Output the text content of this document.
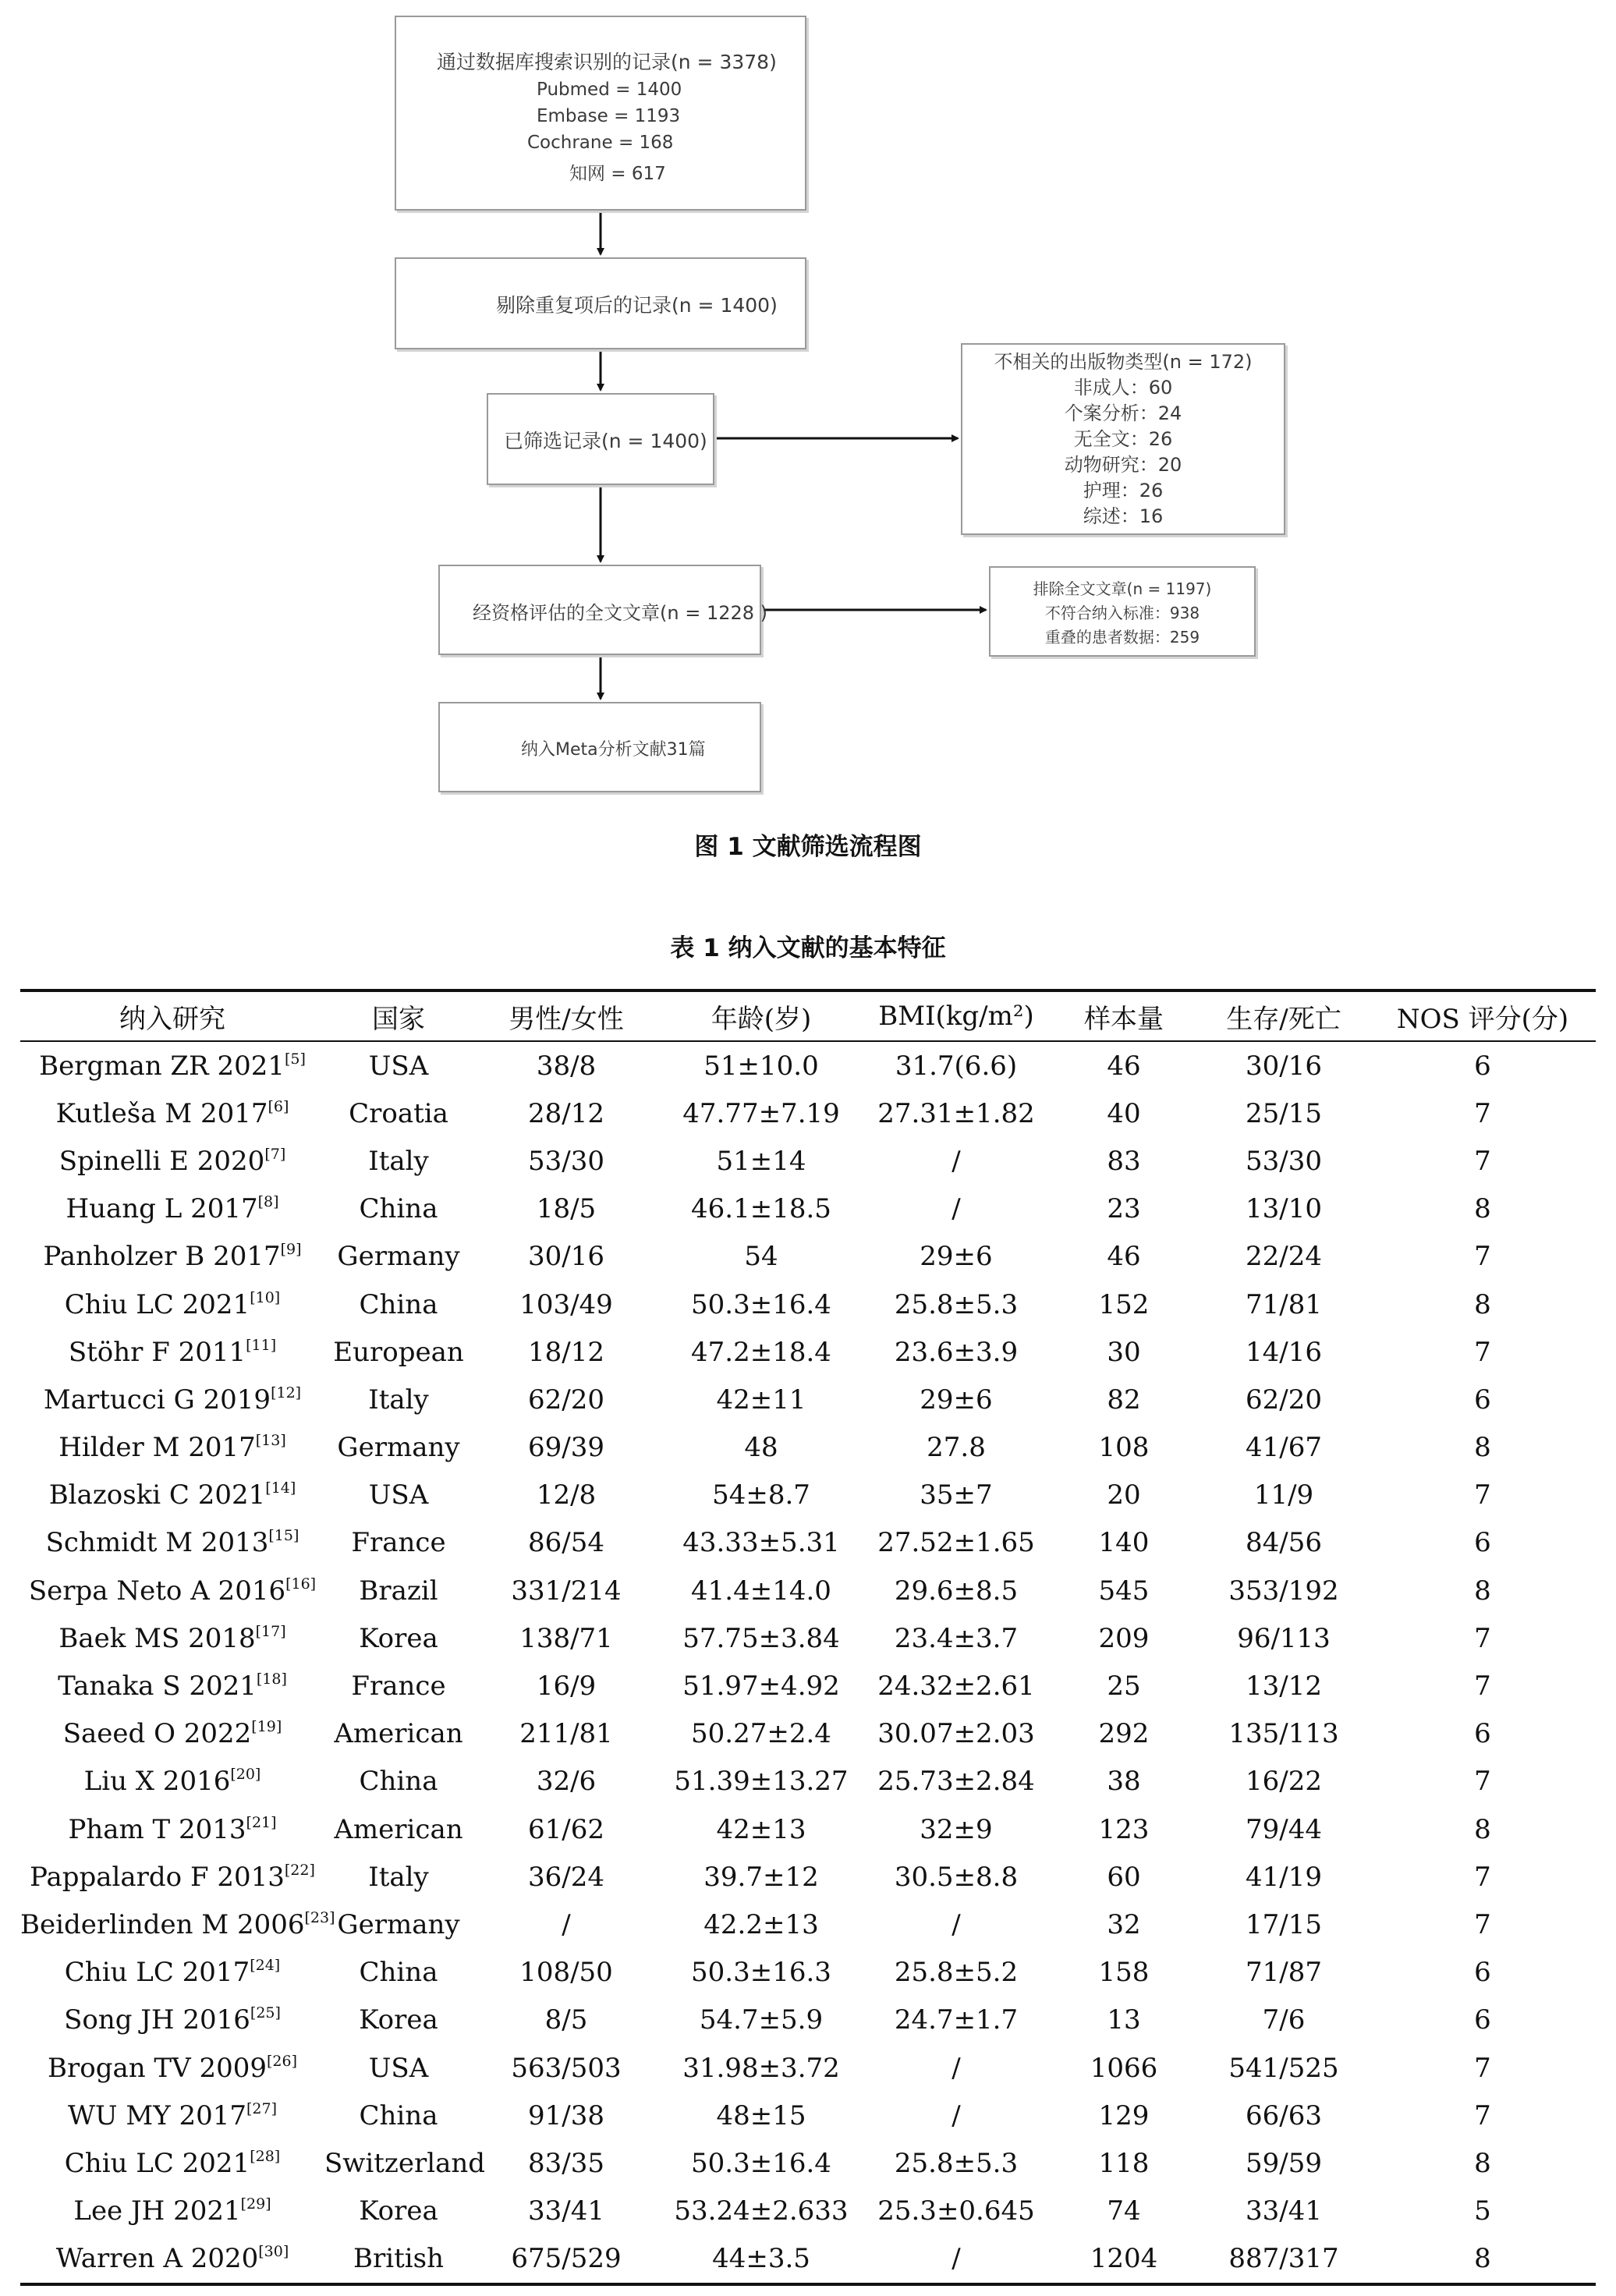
通过数据库搜索识别的记录(n = 3378)
Pubmed = 1400
Embase = 1193
Cochrane = 168
知网 = 617
剔除重复项后的记录(n = 1400)
已筛选记录(n = 1400)
不相关的出版物类型(n = 172)
非成人：60
个案分析：24
无全文：26
动物研究：20
护理：26
综述：16
经资格评估的全文文章(n = 1228 )
排除全文文章(n = 1197)
不符合纳入标准：938
重叠的患者数据：259
纳入Meta分析文献31篇
图 1 文献筛选流程图
表 1 纳入文献的基本特征
纳入研究	国家	男性/女性	年龄(岁)	BMI(kg/m²)	样本量	生存/死亡	NOS 评分(分)
Bergman ZR 2021[5]	USA	38/8	51±10.0	31.7(6.6)	46	30/16	6
Kutleša M 2017[6]	Croatia	28/12	47.77±7.19	27.31±1.82	40	25/15	7
Spinelli E 2020[7]	Italy	53/30	51±14	/	83	53/30	7
Huang L 2017[8]	China	18/5	46.1±18.5	/	23	13/10	8
Panholzer B 2017[9]	Germany	30/16	54	29±6	46	22/24	7
Chiu LC 2021[10]	China	103/49	50.3±16.4	25.8±5.3	152	71/81	8
Stöhr F 2011[11]	European	18/12	47.2±18.4	23.6±3.9	30	14/16	7
Martucci G 2019[12]	Italy	62/20	42±11	29±6	82	62/20	6
Hilder M 2017[13]	Germany	69/39	48	27.8	108	41/67	8
Blazoski C 2021[14]	USA	12/8	54±8.7	35±7	20	11/9	7
Schmidt M 2013[15]	France	86/54	43.33±5.31	27.52±1.65	140	84/56	6
Serpa Neto A 2016[16]	Brazil	331/214	41.4±14.0	29.6±8.5	545	353/192	8
Baek MS 2018[17]	Korea	138/71	57.75±3.84	23.4±3.7	209	96/113	7
Tanaka S 2021[18]	France	16/9	51.97±4.92	24.32±2.61	25	13/12	7
Saeed O 2022[19]	American	211/81	50.27±2.4	30.07±2.03	292	135/113	6
Liu X 2016[20]	China	32/6	51.39±13.27	25.73±2.84	38	16/22	7
Pham T 2013[21]	American	61/62	42±13	32±9	123	79/44	8
Pappalardo F 2013[22]	Italy	36/24	39.7±12	30.5±8.8	60	41/19	7
Beiderlinden M 2006[23]	Germany	/	42.2±13	/	32	17/15	7
Chiu LC 2017[24]	China	108/50	50.3±16.3	25.8±5.2	158	71/87	6
Song JH 2016[25]	Korea	8/5	54.7±5.9	24.7±1.7	13	7/6	6
Brogan TV 2009[26]	USA	563/503	31.98±3.72	/	1066	541/525	7
WU MY 2017[27]	China	91/38	48±15	/	129	66/63	7
Chiu LC 2021[28]	Switzerland	83/35	50.3±16.4	25.8±5.3	118	59/59	8
Lee JH 2021[29]	Korea	33/41	53.24±2.633	25.3±0.645	74	33/41	5
Warren A 2020[30]	British	675/529	44±3.5	/	1204	887/317	8
